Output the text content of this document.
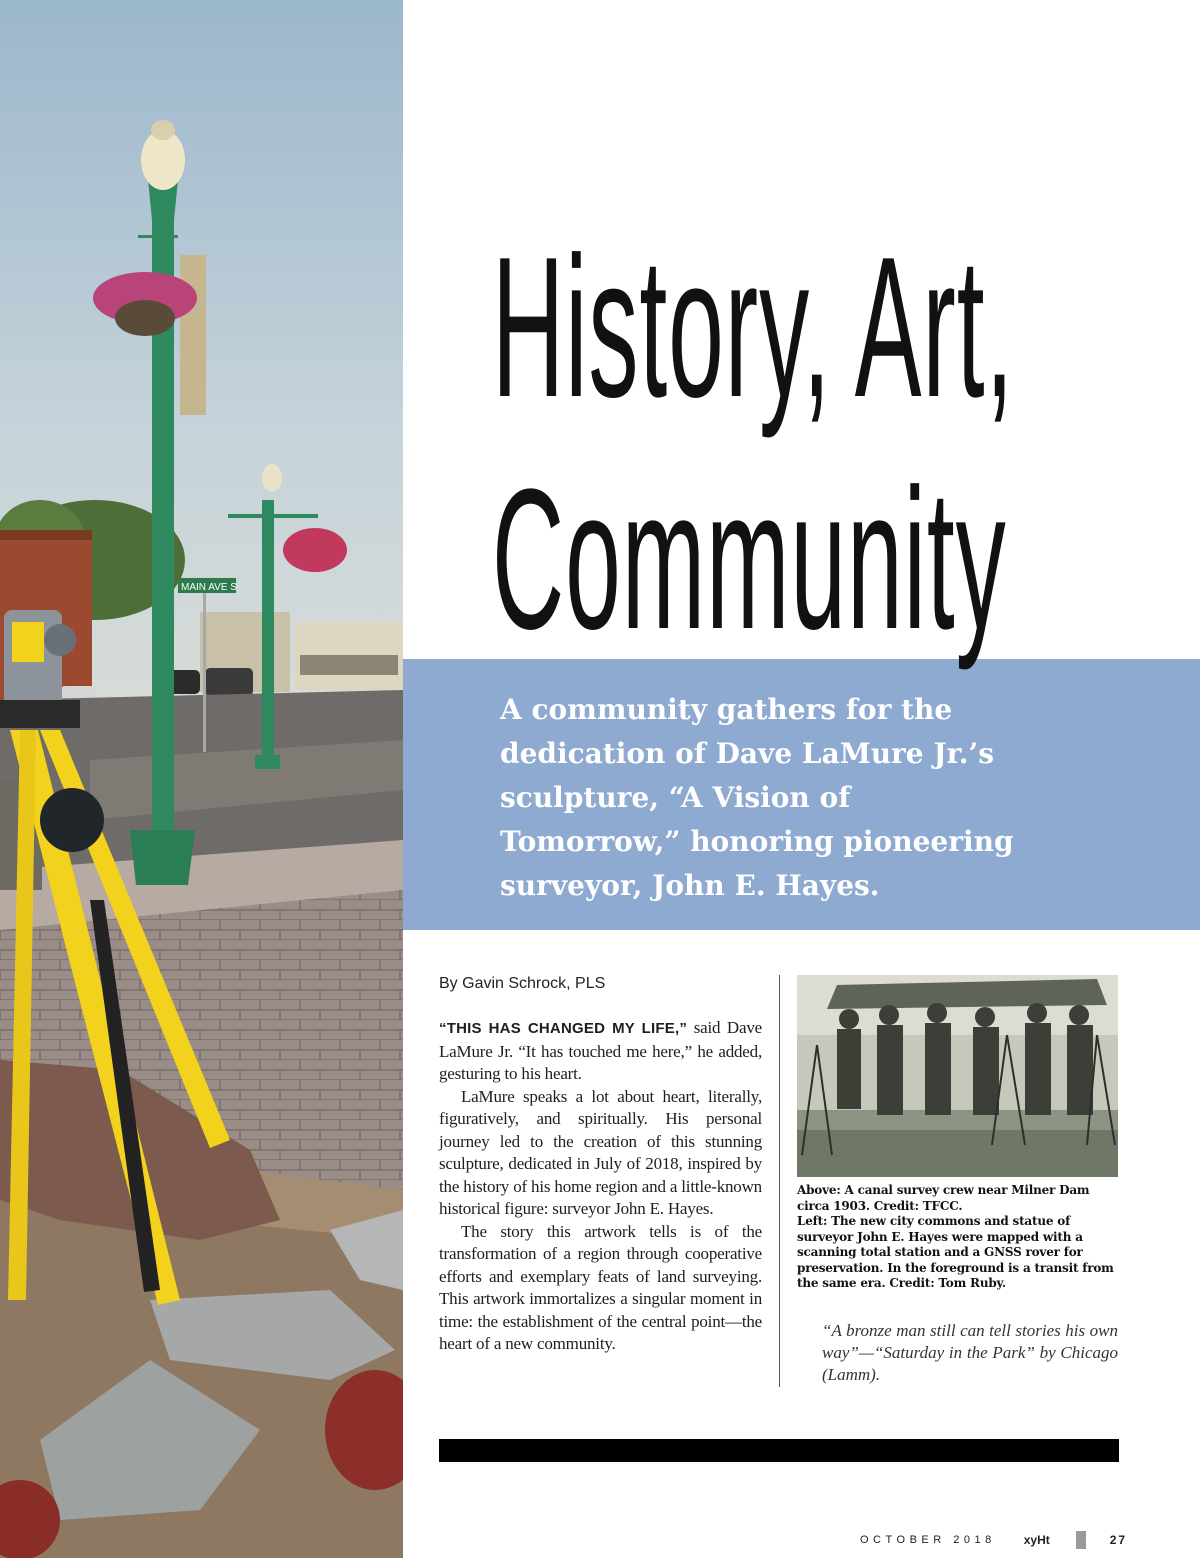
MAIN AVE S
History, Art,
Community

A community gathers for the dedication of Dave LaMure Jr.’s sculpture, “A Vision of Tomorrow,” honoring pioneering surveyor, John E. Hayes.

By Gavin Schrock, PLS

“THIS HAS CHANGED MY LIFE,” said Dave LaMure Jr. “It has touched me here,” he added, gesturing to his heart.

LaMure speaks a lot about heart, literally, figuratively, and spiritually. His personal journey led to the creation of this stunning sculpture, dedicated in July of 2018, inspired by the history of his home region and a little-known historical figure: surveyor John E. Hayes.

The story this artwork tells is of the transformation of a region through cooperative efforts and exemplary feats of land surveying. This artwork immortalizes a singular moment in time: the establishment of the central point—the heart of a new community.

Above: A canal survey crew near Milner Dam circa 1903. Credit: TFCC.
Left: The new city commons and statue of surveyor John E. Hayes were mapped with a scanning total station and a GNSS rover for preservation. In the foreground is a transit from the same era. Credit: Tom Ruby.

“A bronze man still can tell stories his own way”—“Saturday in the Park” by Chicago (Lamm).

OCTOBER 2018 xyHt	27
